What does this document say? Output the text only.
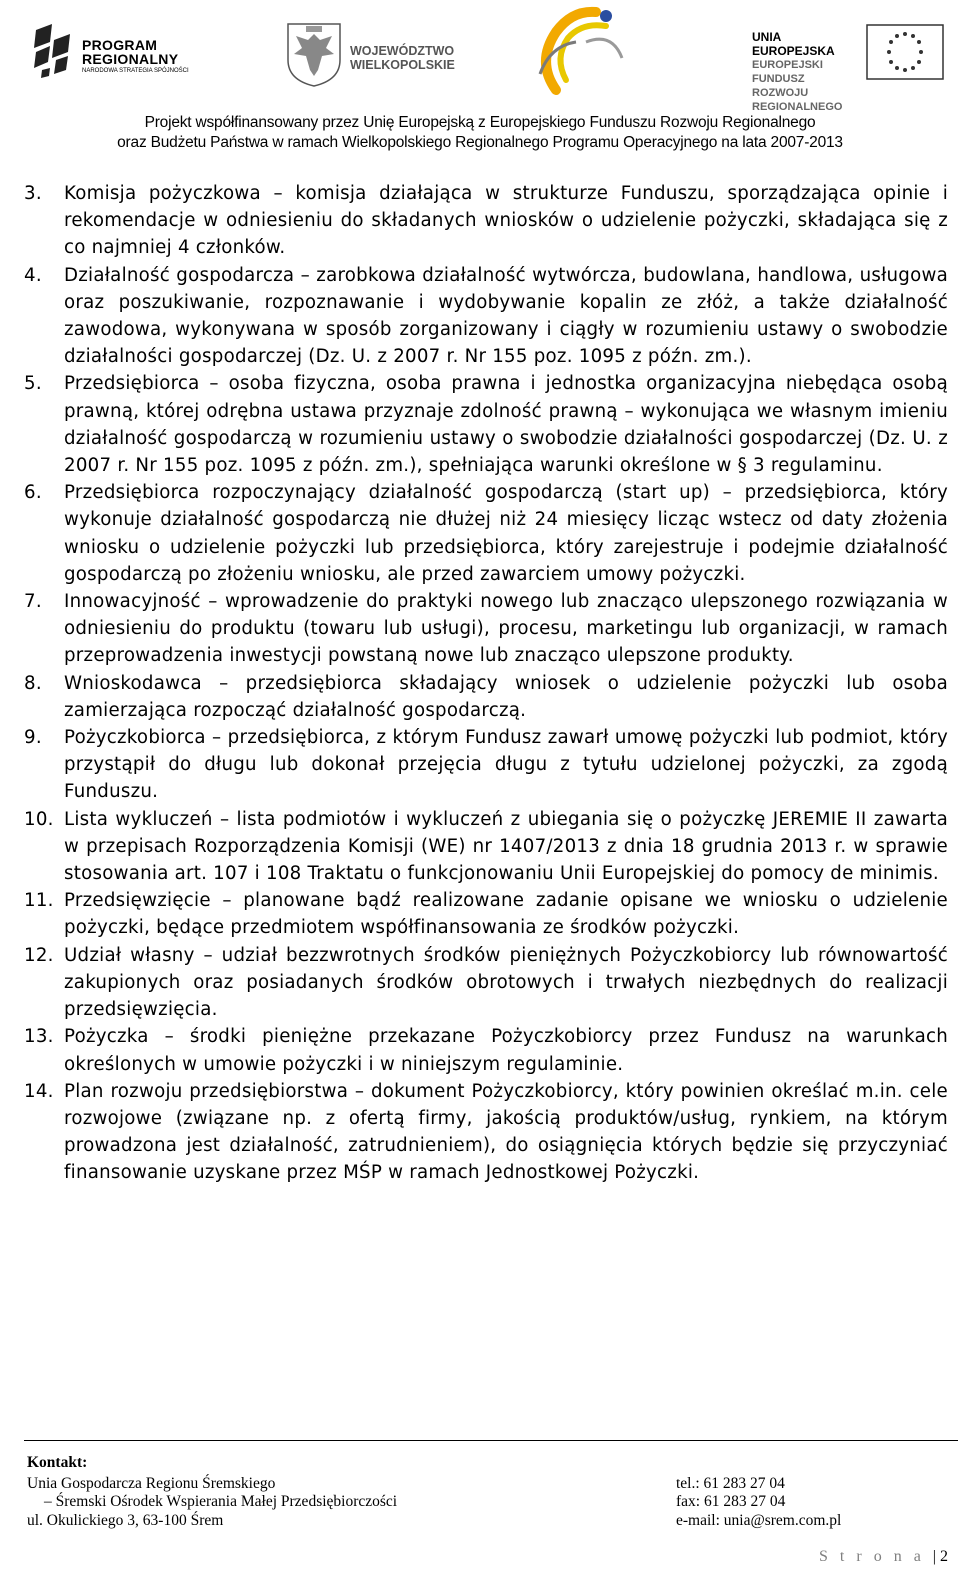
PROGRAM
REGIONALNY
NARODOWA STRATEGIA SPÓJNOŚCI
WOJEWÓDZTWO
WIELKOPOLSKIE
UNIA EUROPEJSKA
EUROPEJSKI FUNDUSZ
ROZWOJU REGIONALNEGO
Projekt współfinansowany przez Unię Europejską z Europejskiego Funduszu Rozwoju Regionalnego
oraz Budżetu Państwa w ramach Wielkopolskiego Regionalnego Programu Operacyjnego na lata 2007-2013
3.	Komisja pożyczkowa – komisja działająca w strukturze Funduszu, sporządzająca opinie i rekomendacje w odniesieniu do składanych wniosków o udzielenie pożyczki, składająca się z co najmniej 4 członków.
4.	Działalność gospodarcza – zarobkowa działalność wytwórcza, budowlana, handlowa, usługowa oraz poszukiwanie, rozpoznawanie i wydobywanie kopalin ze złóż, a także działalność zawodowa, wykonywana w sposób zorganizowany i ciągły w rozumieniu ustawy o swobodzie działalności gospodarczej (Dz. U. z 2007 r. Nr 155 poz. 1095 z późn. zm.).
5.	Przedsiębiorca – osoba fizyczna, osoba prawna i jednostka organizacyjna niebędąca osobą prawną, której odrębna ustawa przyznaje zdolność prawną – wykonująca we własnym imieniu działalność gospodarczą w rozumieniu ustawy o swobodzie działalności gospodarczej (Dz. U. z 2007 r. Nr 155 poz. 1095 z późn. zm.), spełniająca warunki określone w § 3 regulaminu.
6.	Przedsiębiorca rozpoczynający działalność gospodarczą (start up) – przedsiębiorca, który wykonuje działalność gospodarczą nie dłużej niż 24 miesięcy licząc wstecz od daty złożenia wniosku o udzielenie pożyczki lub przedsiębiorca, który zarejestruje i podejmie działalność gospodarczą po złożeniu wniosku, ale przed zawarciem umowy pożyczki.
7.	Innowacyjność – wprowadzenie do praktyki nowego lub znacząco ulepszonego rozwiązania w odniesieniu do produktu (towaru lub usługi), procesu, marketingu lub organizacji, w ramach przeprowadzenia inwestycji powstaną nowe lub znacząco ulepszone produkty.
8.	Wnioskodawca – przedsiębiorca składający wniosek o udzielenie pożyczki lub osoba zamierzająca rozpocząć działalność gospodarczą.
9.	Pożyczkobiorca – przedsiębiorca, z którym Fundusz zawarł umowę pożyczki lub podmiot, który przystąpił do długu lub dokonał przejęcia długu z tytułu udzielonej pożyczki, za zgodą Funduszu.
10. Lista wykluczeń – lista podmiotów i wykluczeń z ubiegania się o pożyczkę JEREMIE II zawarta w przepisach Rozporządzenia Komisji (WE) nr 1407/2013 z dnia 18 grudnia 2013 r. w sprawie stosowania art. 107 i 108 Traktatu o funkcjonowaniu Unii Europejskiej do pomocy de minimis.
11. Przedsięwzięcie – planowane bądź realizowane zadanie opisane we wniosku o udzielenie pożyczki, będące przedmiotem współfinansowania ze środków pożyczki.
12. Udział własny – udział bezzwrotnych środków pieniężnych Pożyczkobiorcy lub równowartość zakupionych oraz posiadanych środków obrotowych i trwałych niezbędnych do realizacji przedsięwzięcia.
13. Pożyczka – środki pieniężne przekazane Pożyczkobiorcy przez Fundusz na warunkach określonych w umowie pożyczki i w niniejszym regulaminie.
14. Plan rozwoju przedsiębiorstwa – dokument Pożyczkobiorcy, który powinien określać m.in. cele rozwojowe (związane np. z ofertą firmy, jakością produktów/usług, rynkiem, na którym prowadzona jest działalność, zatrudnieniem), do osiągnięcia których będzie się przyczyniać finansowanie uzyskane przez MŚP w ramach Jednostkowej Pożyczki.
Kontakt:
Unia Gospodarcza Regionu Śremskiego
– Śremski Ośrodek Wspierania Małej Przedsiębiorczości
ul. Okulickiego 3, 63-100 Śrem
tel.: 61 283 27 04
fax: 61 283 27 04
e-mail: unia@srem.com.pl
S t r o n a |2
